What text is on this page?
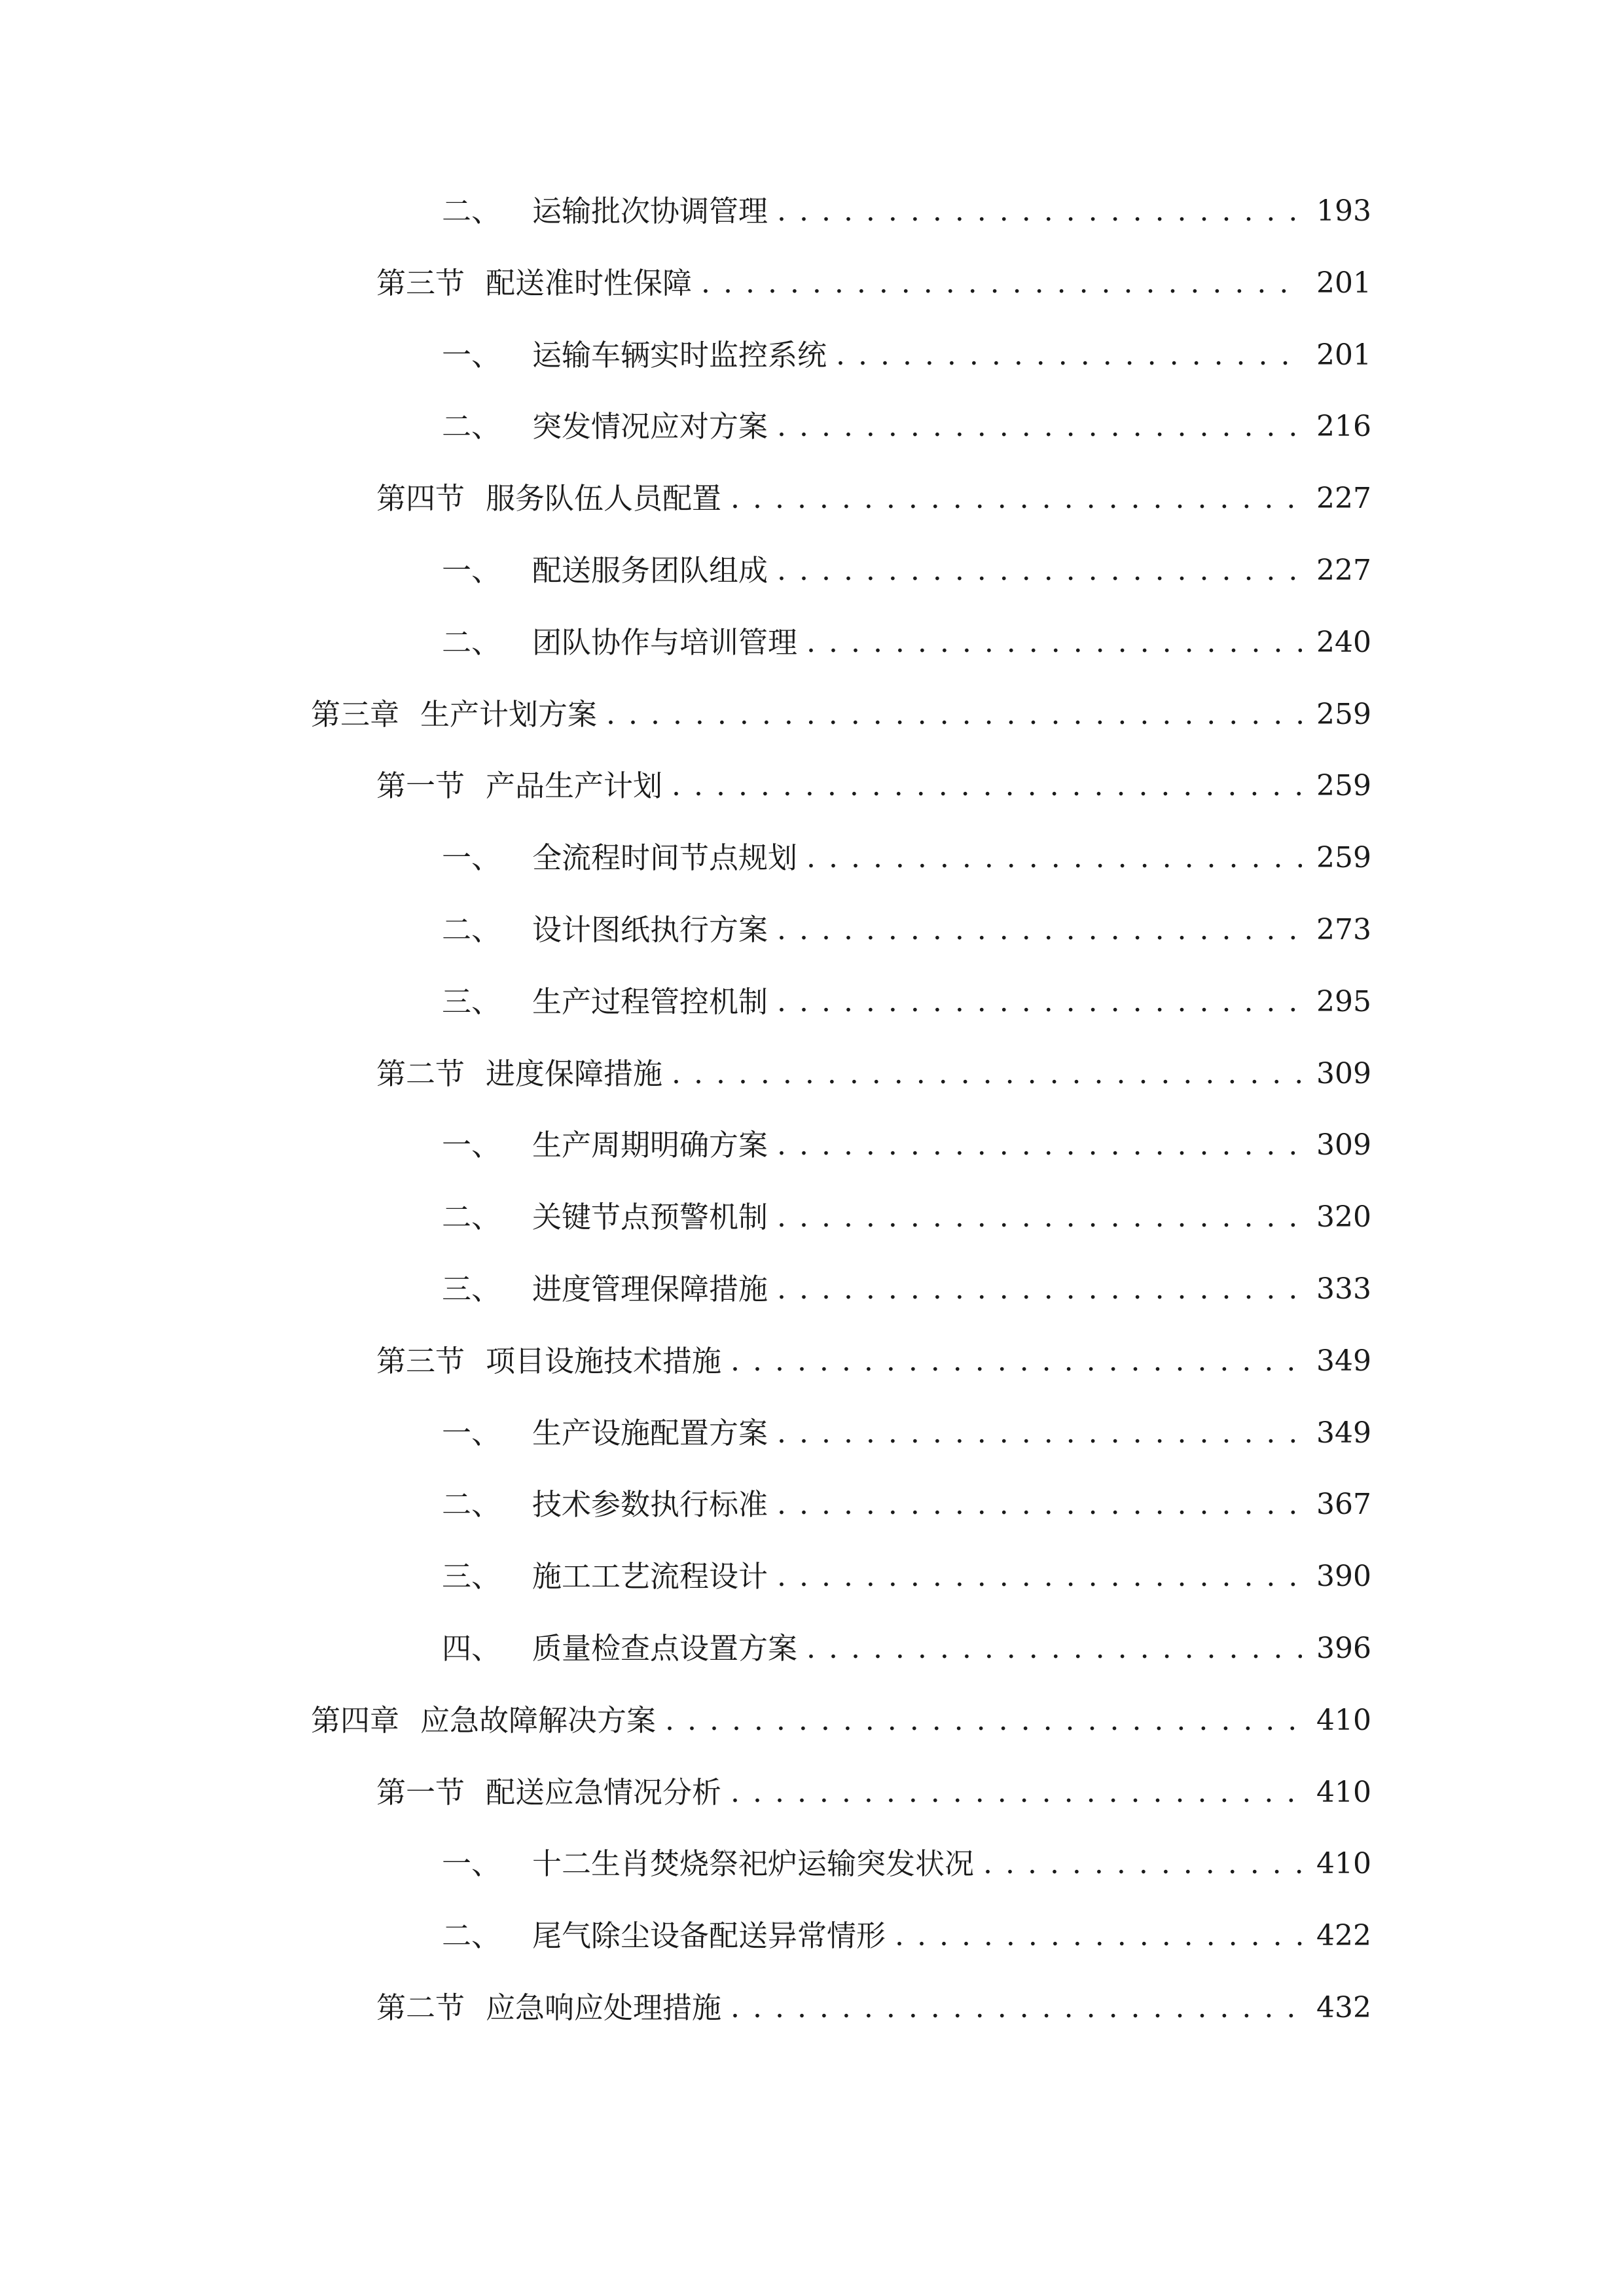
二、 运输批次协调管理 . . .	193
第三节 配送准时性保障 . . .	201
一、 运输车辆实时监控系统 . . .	201
二、 突发情况应对方案 . . .	216
第四节 服务队伍人员配置 . . .	227
一、 配送服务团队组成 . . .	227
二、 团队协作与培训管理 . . .	240
第三章 生产计划方案 . . .	259
第一节 产品生产计划 . . .	259
一、 全流程时间节点规划 . . .	259
二、 设计图纸执行方案 . . .	273
三、 生产过程管控机制 . . .	295
第二节 进度保障措施 . . .	309
一、 生产周期明确方案 . . .	309
二、 关键节点预警机制 . . .	320
三、 进度管理保障措施 . . .	333
第三节 项目设施技术措施 . . .	349
一、 生产设施配置方案 . . .	349
二、 技术参数执行标准 . . .	367
三、 施工工艺流程设计 . . .	390
四、 质量检查点设置方案 . . .	396
第四章 应急故障解决方案 . . .	410
第一节 配送应急情况分析 . . .	410
一、 十二生肖焚烧祭祀炉运输突发状况 . . .	410
二、 尾气除尘设备配送异常情形 . . .	422
第二节 应急响应处理措施 . . .	432
